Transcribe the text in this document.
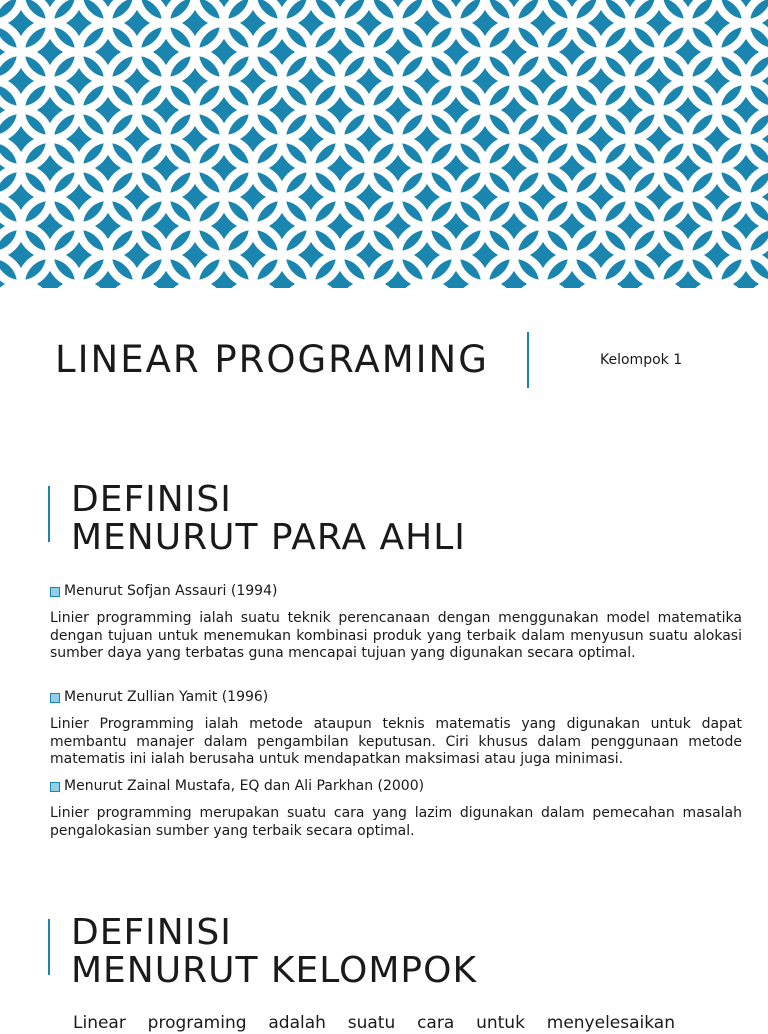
LINEAR PROGRAMING	Kelompok 1
DEFINISI
MENURUT PARA AHLI
Menurut Sofjan Assauri (1994)

Linier programming ialah suatu teknik perencanaan dengan menggunakan model matematika dengan tujuan untuk menemukan kombinasi produk yang terbaik dalam menyusun suatu alokasi sumber daya yang terbatas guna mencapai tujuan yang digunakan secara optimal.

Menurut Zullian Yamit (1996)

Linier Programming ialah metode ataupun teknis matematis yang digunakan untuk dapat membantu manajer dalam pengambilan keputusan. Ciri khusus dalam penggunaan metode matematis ini ialah berusaha untuk mendapatkan maksimasi atau juga minimasi.

Menurut Zainal Mustafa, EQ dan Ali Parkhan (2000)

Linier programming merupakan suatu cara yang lazim digunakan dalam pemecahan masalah pengalokasian sumber yang terbaik secara optimal.

DEFINISI
MENURUT KELOMPOK

Linear programing adalah suatu cara untuk menyelesaikan
